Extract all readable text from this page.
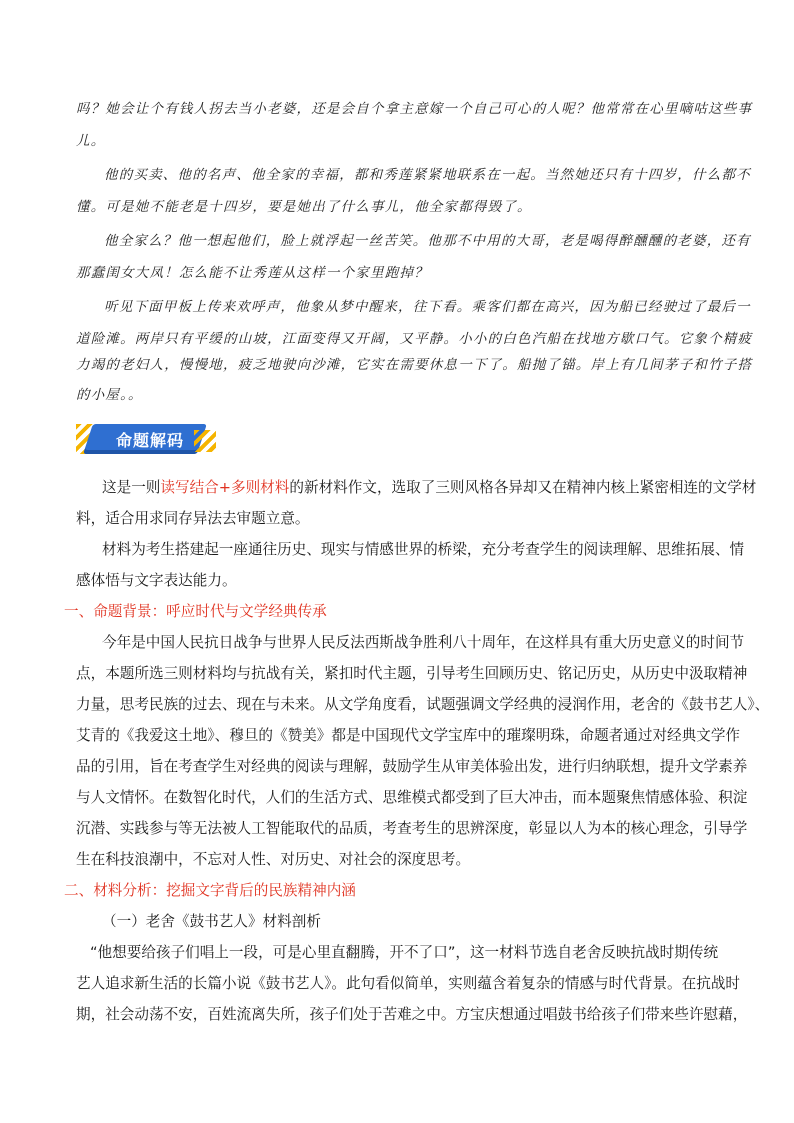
吗？她会让个有钱人拐去当小老婆，还是会自个拿主意嫁一个自己可心的人呢？他常常在心里嘀咕这些事
儿。
他的买卖、他的名声、他全家的幸福，都和秀莲紧紧地联系在一起。当然她还只有十四岁，什么都不
懂。可是她不能老是十四岁，要是她出了什么事儿，他全家都得毁了。
他全家么？他一想起他们，脸上就浮起一丝苦笑。他那不中用的大哥，老是喝得醉醺醺的老婆，还有
那蠢闺女大凤！怎么能不让秀莲从这样一个家里跑掉？
听见下面甲板上传来欢呼声，他象从梦中醒来，往下看。乘客们都在高兴，因为船已经驶过了最后一
道险滩。两岸只有平缓的山坡，江面变得又开阔，又平静。小小的白色汽船在找地方歇口气。它象个精疲
力竭的老妇人，慢慢地，疲乏地驶向沙滩，它实在需要休息一下了。船抛了锚。岸上有几间茅子和竹子搭
的小屋。。
命题解码
这是一则读写结合+多则材料的新材料作文，选取了三则风格各异却又在精神内核上紧密相连的文学材
料，适合用求同存异法去审题立意。
材料为考生搭建起一座通往历史、现实与情感世界的桥梁，充分考查学生的阅读理解、思维拓展、情
感体悟与文字表达能力。
一、命题背景：呼应时代与文学经典传承
今年是中国人民抗日战争与世界人民反法西斯战争胜利八十周年，在这样具有重大历史意义的时间节
点，本题所选三则材料均与抗战有关，紧扣时代主题，引导考生回顾历史、铭记历史，从历史中汲取精神
力量，思考民族的过去、现在与未来。从文学角度看，试题强调文学经典的浸润作用，老舍的《鼓书艺人》、
艾青的《我爱这土地》、穆旦的《赞美》都是中国现代文学宝库中的璀璨明珠，命题者通过对经典文学作
品的引用，旨在考查学生对经典的阅读与理解，鼓励学生从审美体验出发，进行归纳联想，提升文学素养
与人文情怀。在数智化时代，人们的生活方式、思维模式都受到了巨大冲击，而本题聚焦情感体验、积淀
沉潜、实践参与等无法被人工智能取代的品质，考查考生的思辨深度，彰显以人为本的核心理念，引导学
生在科技浪潮中，不忘对人性、对历史、对社会的深度思考。
二、材料分析：挖掘文字背后的民族精神内涵
（一）老舍《鼓书艺人》材料剖析
“他想要给孩子们唱上一段，可是心里直翻腾，开不了口”，这一材料节选自老舍反映抗战时期传统
艺人追求新生活的长篇小说《鼓书艺人》。此句看似简单，实则蕴含着复杂的情感与时代背景。在抗战时
期，社会动荡不安，百姓流离失所，孩子们处于苦难之中。方宝庆想通过唱鼓书给孩子们带来些许慰藉，
